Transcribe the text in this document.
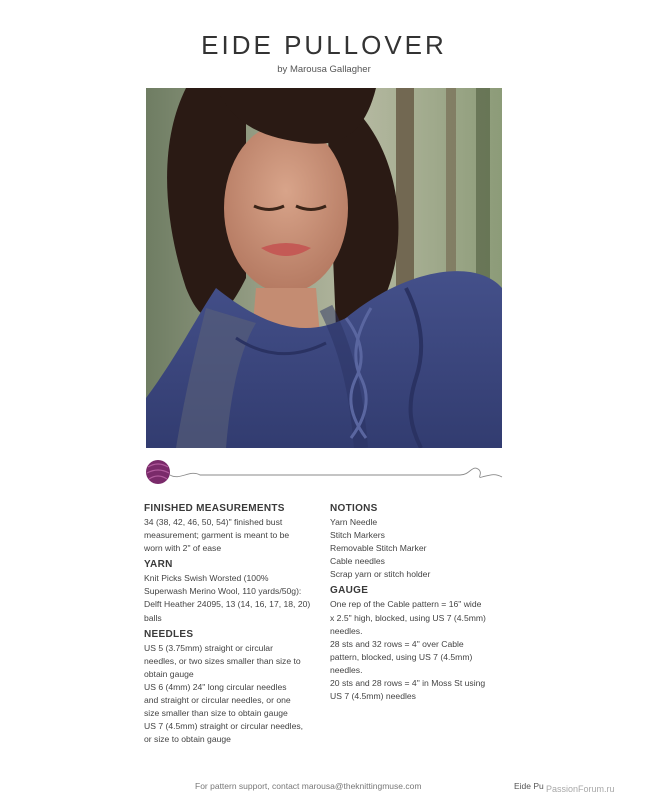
EIDE PULLOVER
by Marousa Gallagher
FINISHED MEASUREMENTS
34 (38, 42, 46, 50, 54)" finished bust
measurement; garment is meant to be
worn with 2" of ease
YARN
Knit Picks Swish Worsted (100%
Superwash Merino Wool, 110 yards/50g):
Delft Heather 24095, 13 (14, 16, 17, 18, 20)
balls
NEEDLES
US 5 (3.75mm) straight or circular
needles, or two sizes smaller than size to
obtain gauge
US 6 (4mm) 24" long circular needles
and straight or circular needles, or one
size smaller than size to obtain gauge
US 7 (4.5mm) straight or circular needles,
or size to obtain gauge
NOTIONS
Yarn Needle
Stitch Markers
Removable Stitch Marker
Cable needles
Scrap yarn or stitch holder
GAUGE
One rep of the Cable pattern = 16" wide
x 2.5" high, blocked, using US 7 (4.5mm)
needles.
28 sts and 32 rows = 4" over Cable
pattern, blocked, using US 7 (4.5mm)
needles.
20 sts and 28 rows = 4" in Moss St using
US 7 (4.5mm) needles
For pattern support, contact marousa@theknittingmuse.com	Eide Pu PassionForum.ru
